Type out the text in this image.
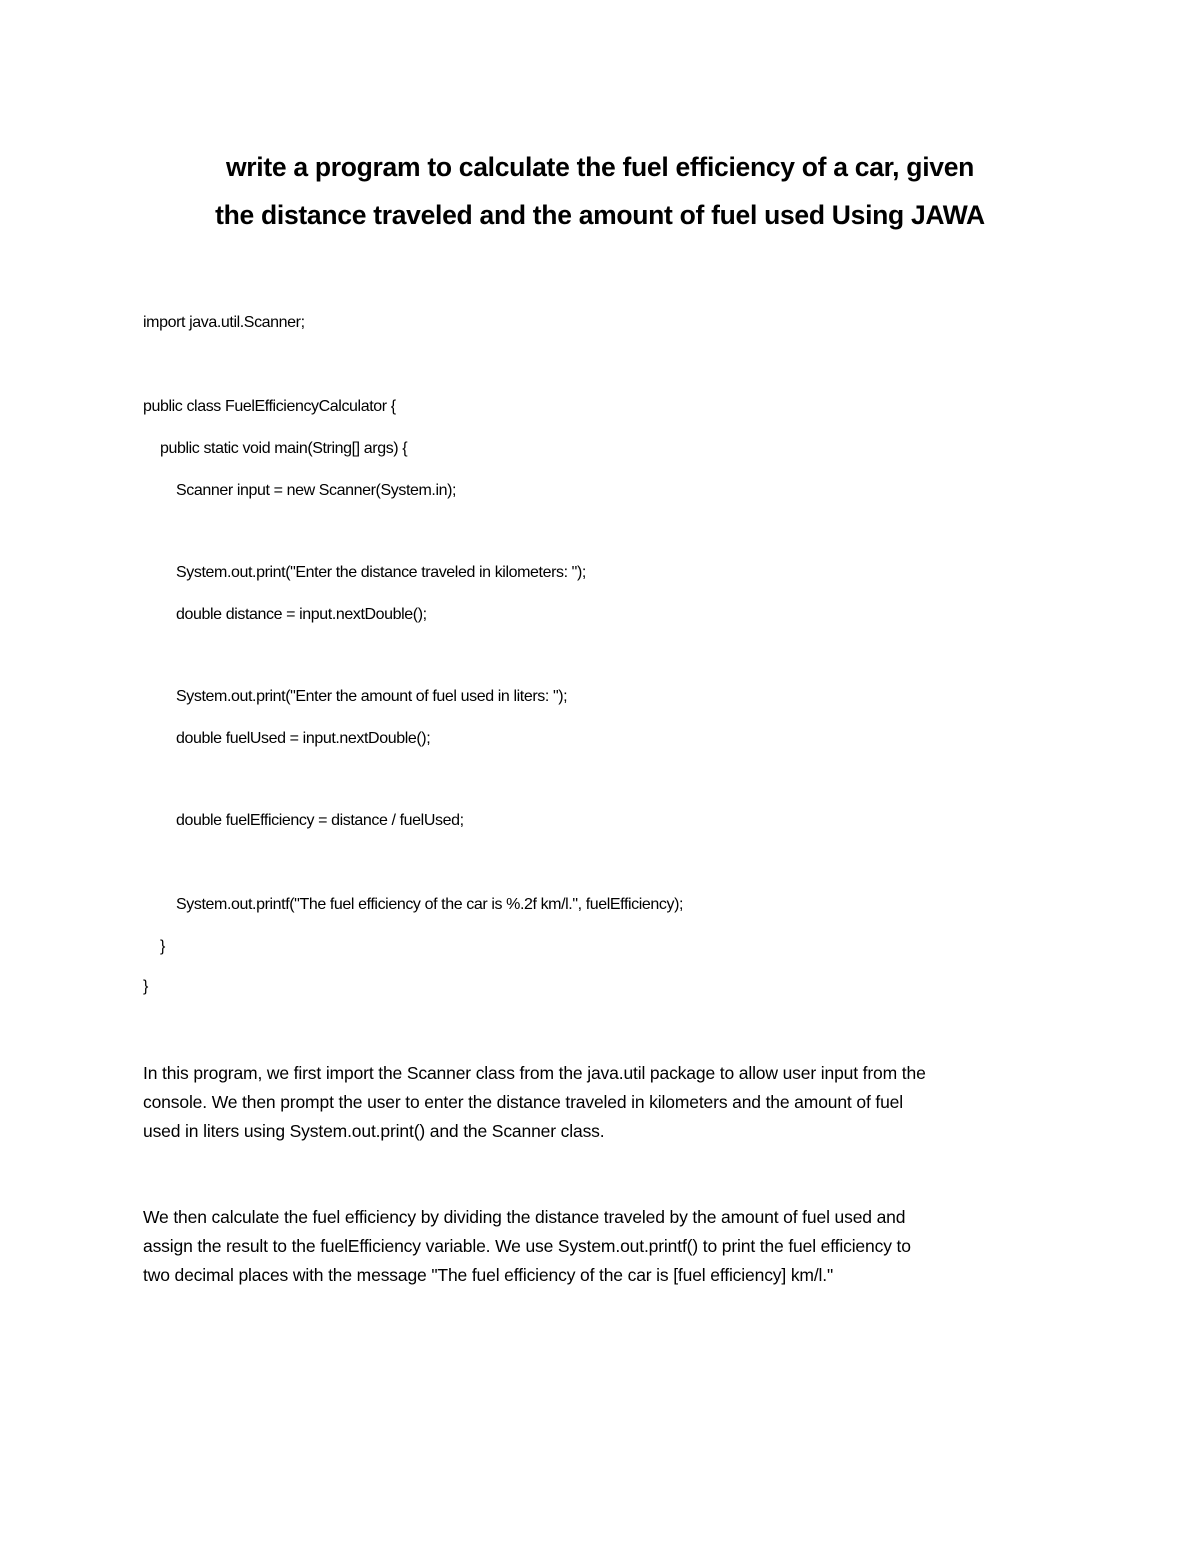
write a program to calculate the fuel efficiency of a car, given
the distance traveled and the amount of fuel used Using JAWA

import java.util.Scanner;

public class FuelEfficiencyCalculator {

public static void main(String[] args) {

Scanner input = new Scanner(System.in);

System.out.print("Enter the distance traveled in kilometers: ");

double distance = input.nextDouble();

System.out.print("Enter the amount of fuel used in liters: ");

double fuelUsed = input.nextDouble();

double fuelEfficiency = distance / fuelUsed;

System.out.printf("The fuel efficiency of the car is %.2f km/l.", fuelEfficiency);

}

}

In this program, we first import the Scanner class from the java.util package to allow user input from the
console. We then prompt the user to enter the distance traveled in kilometers and the amount of fuel
used in liters using System.out.print() and the Scanner class.
We then calculate the fuel efficiency by dividing the distance traveled by the amount of fuel used and
assign the result to the fuelEfficiency variable. We use System.out.printf() to print the fuel efficiency to
two decimal places with the message "The fuel efficiency of the car is [fuel efficiency] km/l."
